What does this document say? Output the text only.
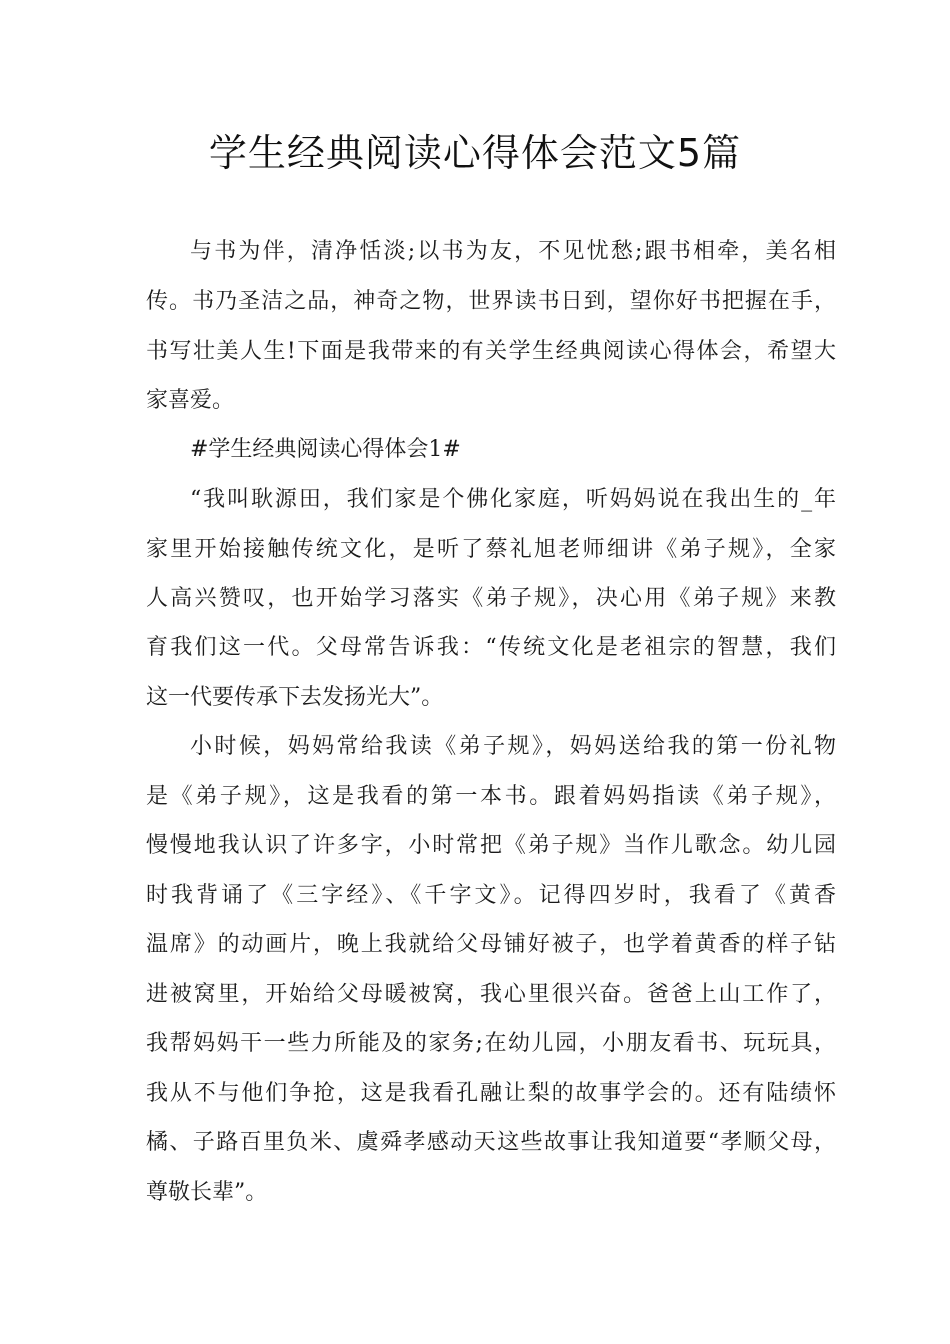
学生经典阅读心得体会范文5篇
与书为伴，清净恬淡;以书为友，不见忧愁;跟书相牵，美名相
传。书乃圣洁之品，神奇之物，世界读书日到，望你好书把握在手，
书写壮美人生!下面是我带来的有关学生经典阅读心得体会，希望大
家喜爱。
#学生经典阅读心得体会1#
“我叫耿源田，我们家是个佛化家庭，听妈妈说在我出生的_年
家里开始接触传统文化，是听了蔡礼旭老师细讲《弟子规》，全家
人高兴赞叹，也开始学习落实《弟子规》，决心用《弟子规》来教
育我们这一代。父母常告诉我：“传统文化是老祖宗的智慧，我们
这一代要传承下去发扬光大”。
小时候，妈妈常给我读《弟子规》，妈妈送给我的第一份礼物
是《弟子规》，这是我看的第一本书。跟着妈妈指读《弟子规》，
慢慢地我认识了许多字，小时常把《弟子规》当作儿歌念。幼儿园
时我背诵了《三字经》、《千字文》。记得四岁时，我看了《黄香
温席》的动画片，晚上我就给父母铺好被子，也学着黄香的样子钻
进被窝里，开始给父母暖被窝，我心里很兴奋。爸爸上山工作了，
我帮妈妈干一些力所能及的家务;在幼儿园，小朋友看书、玩玩具，
我从不与他们争抢，这是我看孔融让梨的故事学会的。还有陆绩怀
橘、子路百里负米、虞舜孝感动天这些故事让我知道要“孝顺父母，
尊敬长辈”。
